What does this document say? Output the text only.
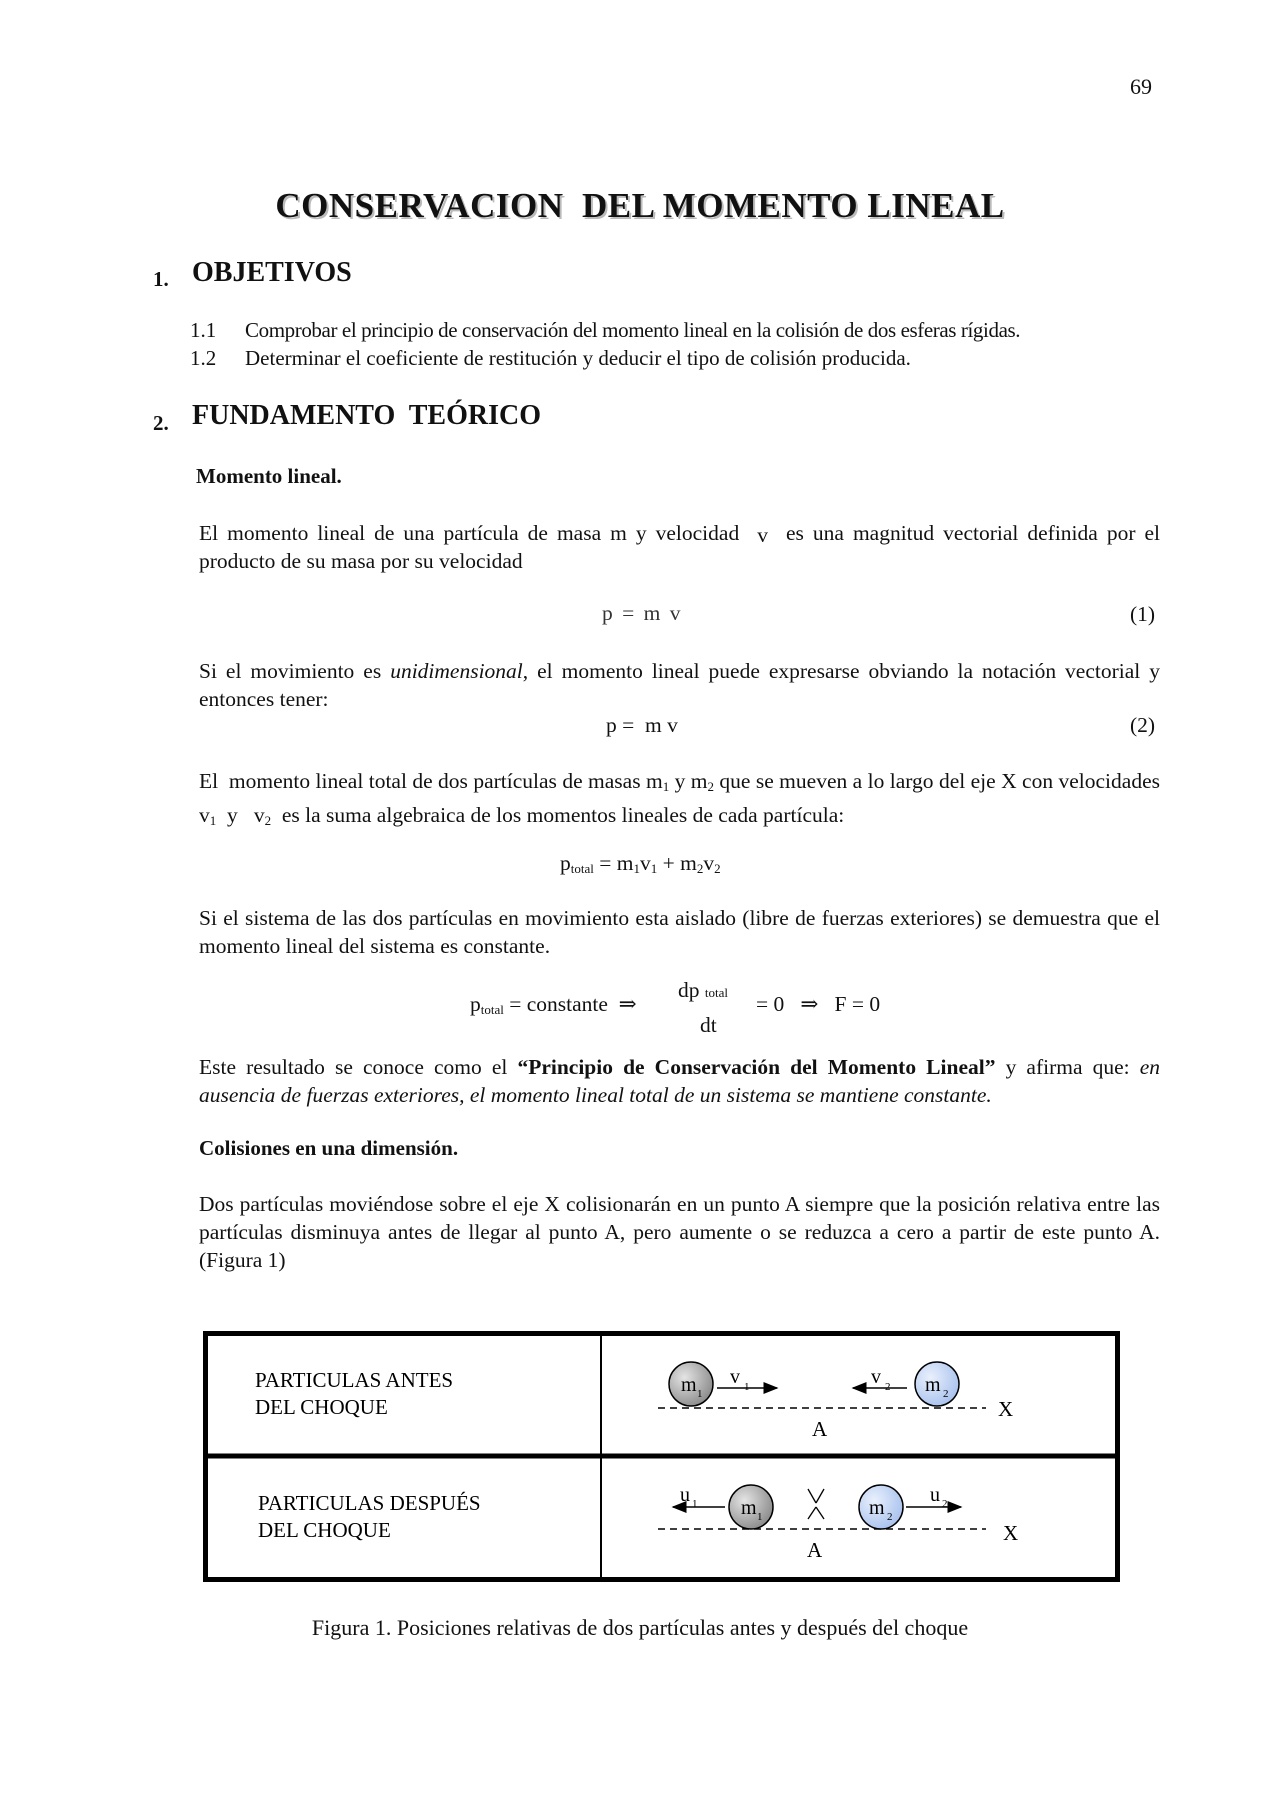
69
CONSERVACION  DEL MOMENTO LINEAL
1. OBJETIVOS
1.1 Comprobar el principio de conservación del momento lineal en la colisión de dos esferas rígidas.
1.2 Determinar el coeficiente de restitución y deducir el tipo de colisión producida.
2. FUNDAMENTO  TEÓRICO
Momento lineal.
El momento lineal de una partícula de masa m y velocidad v es una magnitud vectorial definida por el producto de su masa por su velocidad
p = m v	(1)
Si el movimiento es unidimensional, el momento lineal puede expresarse obviando la notación vectorial y entonces tener:
p =  m v	(2)
El  momento lineal total de dos partículas de masas $m_1$ y $m_2$ que se mueven a lo largo del eje X con velocidades  $v_1$  y   $v_2$  es la suma algebraica de los momentos lineales de cada partícula:
$p_{total} = m_1v_1 + m_2v_2$
Si el sistema de las dos partículas en movimiento esta aislado (libre de fuerzas exteriores) se demuestra que el momento lineal del sistema es constante.
$p_{total}$ = constante  ⇒
dp total
dt
= 0   ⇒   F = 0
Este resultado se conoce como el “Principio de Conservación del Momento Lineal” y afirma que: en ausencia de fuerzas exteriores, el momento lineal total de un sistema se mantiene constante.
Colisiones en una dimensión.
Dos partículas moviéndose sobre el eje X colisionarán en un punto A siempre que la posición relativa entre las partículas disminuya antes de llegar al punto A, pero aumente o se reduzca a cero a partir de este punto A. (Figura 1)
PARTICULAS ANTES
DEL CHOQUE
m 1
v 1	m 2
v 2
A
X
PARTICULAS DESPUÉS
DEL CHOQUE
m 1
u 1	m 2
u 2
A
X
Figura 1. Posiciones relativas de dos partículas antes y después del choque
